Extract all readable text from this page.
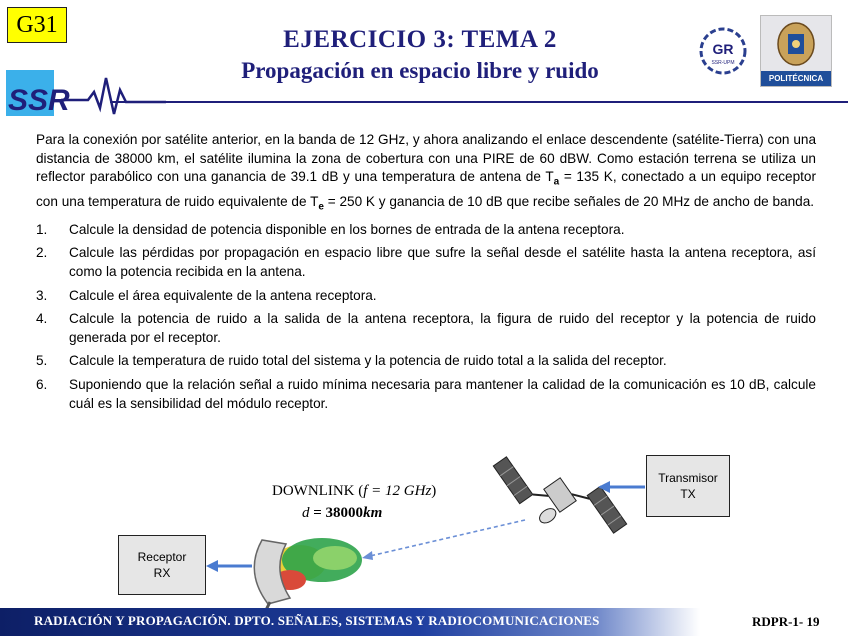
G31
EJERCICIO 3: TEMA 2
Propagación en espacio libre y ruido
SSR
GR
SSR-UPM
POLITÉCNICA

Para la conexión por satélite anterior, en la banda de 12 GHz, y ahora analizando el enlace descendente (satélite-Tierra) con una distancia de 38000 km, el satélite ilumina la zona de cobertura con una PIRE de 60 dBW. Como estación terrena se utiliza un reflector parabólico con una ganancia de 39.1 dB y una temperatura de antena de $T_a = 135$ K, conectado a un equipo receptor con una temperatura de ruido equivalente de $T_e = 250$ K y ganancia de 10 dB que recibe señales de 20 MHz de ancho de banda.

1. Calcule la densidad de potencia disponible en los bornes de entrada de la antena receptora.
2. Calcule las pérdidas por propagación en espacio libre que sufre la señal desde el satélite hasta la antena receptora, así como la potencia recibida en la antena.
3. Calcule el área equivalente de la antena receptora.
4. Calcule la potencia de ruido a la salida de la antena receptora, la figura de ruido del receptor y la potencia de ruido generada por el receptor.
5. Calcule la temperatura de ruido total del sistema y la potencia de ruido total a la salida del receptor.
6. Suponiendo que la relación señal a ruido mínima necesaria para mantener la calidad de la comunicación es 10 dB, calcule cuál es la sensibilidad del módulo receptor.
Transmisor
TX
Receptor
RX
DOWNLINK (f = 12 GHz)
d = 38000km
RADIACIÓN Y PROPAGACIÓN. DPTO. SEÑALES, SISTEMAS Y RADIOCOMUNICACIONES	RDPR-1- 19
